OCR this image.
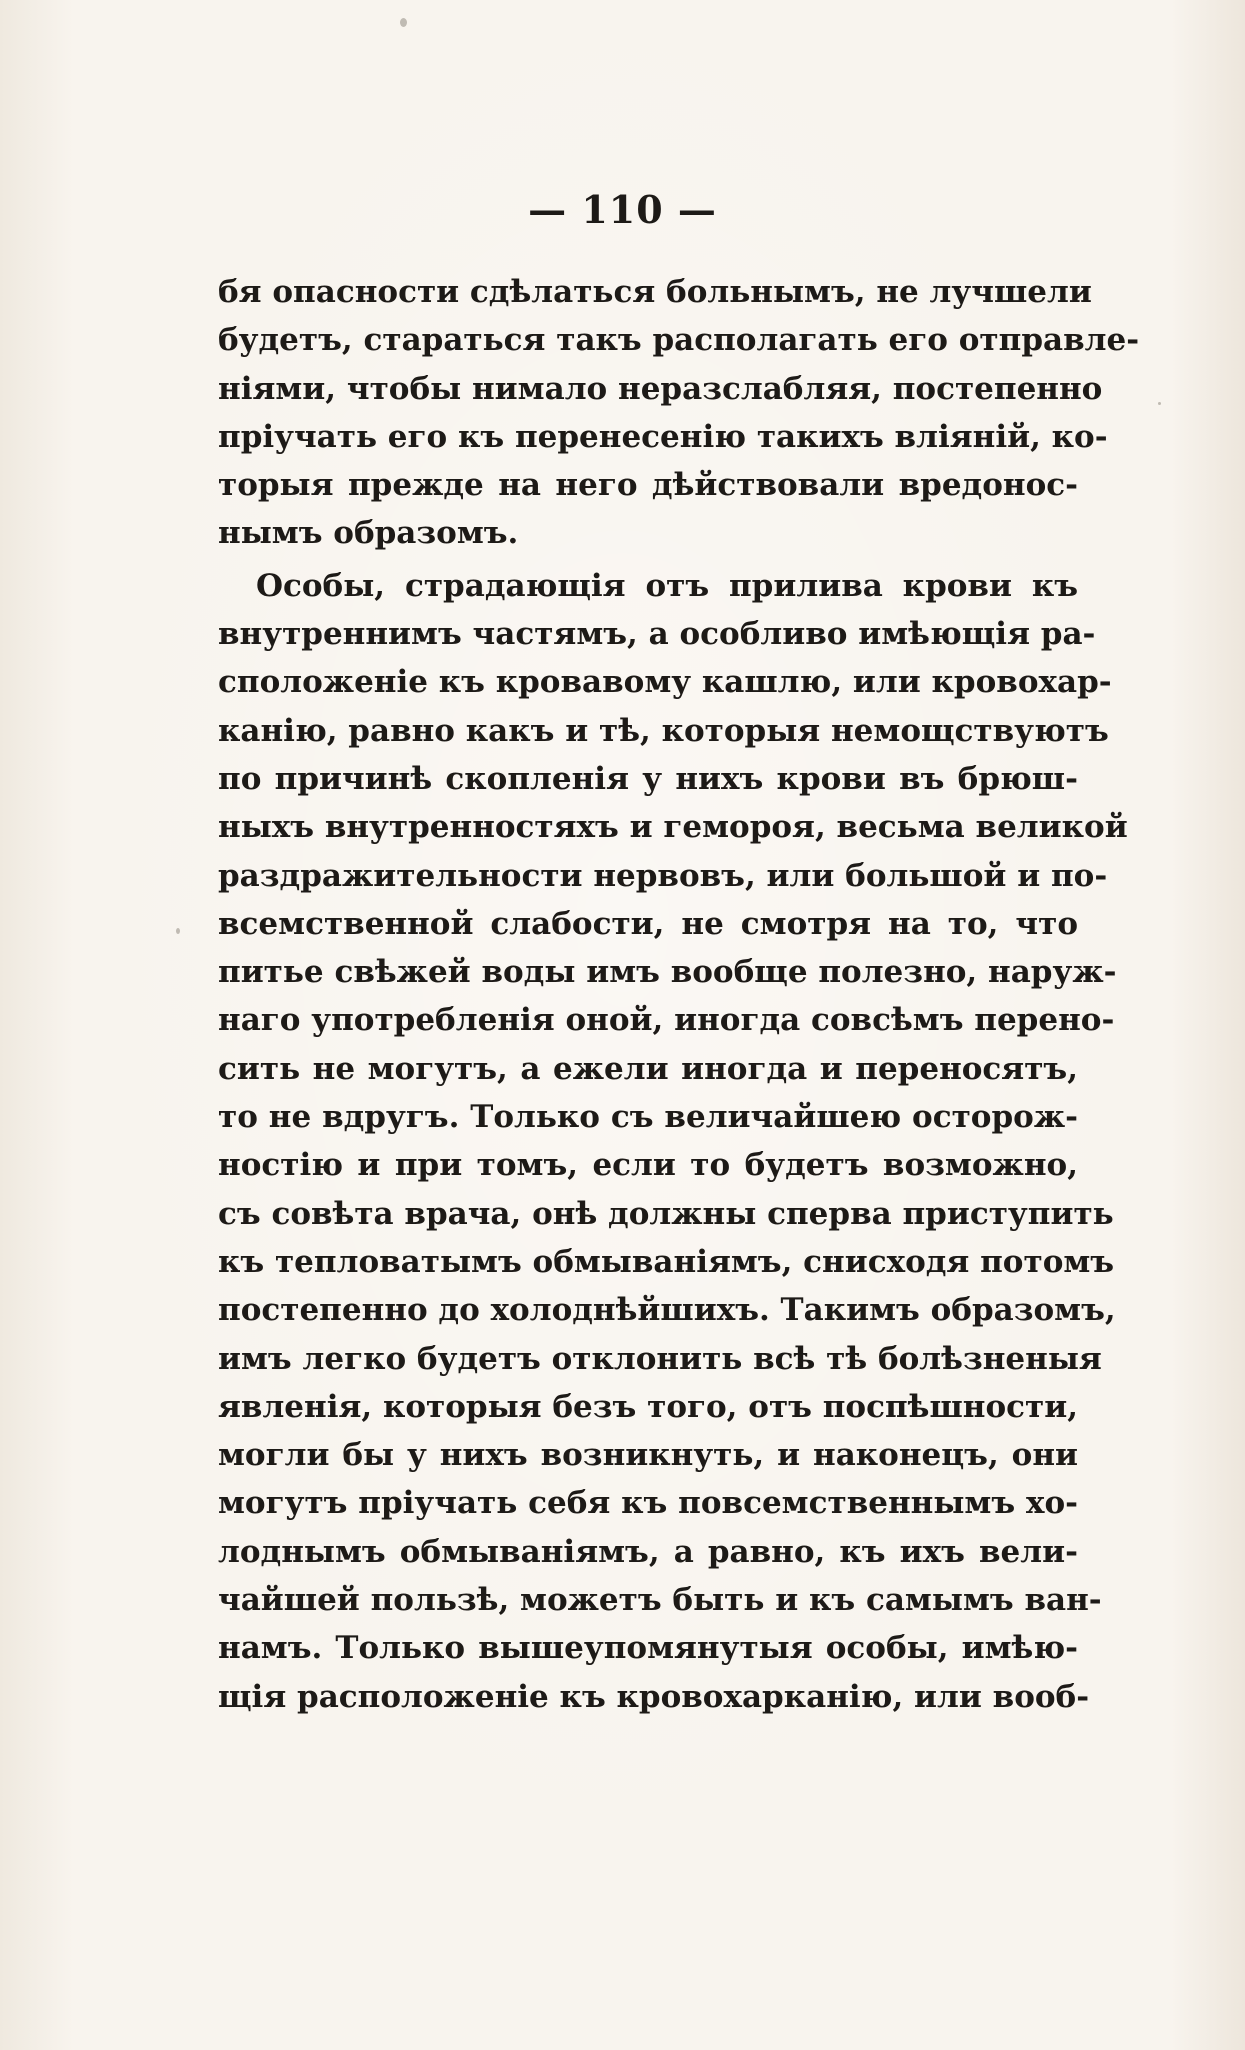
— 110 —
бя опасности сдѣлаться больнымъ, не лучшели
будетъ, стараться такъ располагать его отправле-
ніями, чтобы нимало неразслабляя, постепенно
пріучать его къ перенесенію такихъ вліяній, ко-
торыя прежде на него дѣйствовали вредонос-
нымъ образомъ.
Особы, страдающія отъ прилива крови къ
внутреннимъ частямъ, а особливо имѣющія ра-
сположеніе къ кровавому кашлю, или кровохар-
канію, равно какъ и тѣ, которыя немощствуютъ
по причинѣ скопленія у нихъ крови въ брюш-
ныхъ внутренностяхъ и гемороя, весьма великой
раздражительности нервовъ, или большой и по-
всемственной слабости, не смотря на то, что
питье свѣжей воды имъ вообще полезно, наруж-
наго употребленія оной, иногда совсѣмъ перено-
сить не могутъ, а ежели иногда и переносятъ,
то не вдругъ. Только съ величайшею осторож-
ностію и при томъ, если то будетъ возможно,
съ совѣта врача, онѣ должны сперва приступить
къ тепловатымъ обмываніямъ, снисходя потомъ
постепенно до холоднѣйшихъ. Такимъ образомъ,
имъ легко будетъ отклонить всѣ тѣ болѣзненыя
явленія, которыя безъ того, отъ поспѣшности,
могли бы у нихъ возникнуть, и наконецъ, они
могутъ пріучать себя къ повсемственнымъ хо-
лоднымъ обмываніямъ, а равно, къ ихъ вели-
чайшей пользѣ, можетъ быть и къ самымъ ван-
намъ. Только вышеупомянутыя особы, имѣю-
щія расположеніе къ кровохарканію, или вооб-
